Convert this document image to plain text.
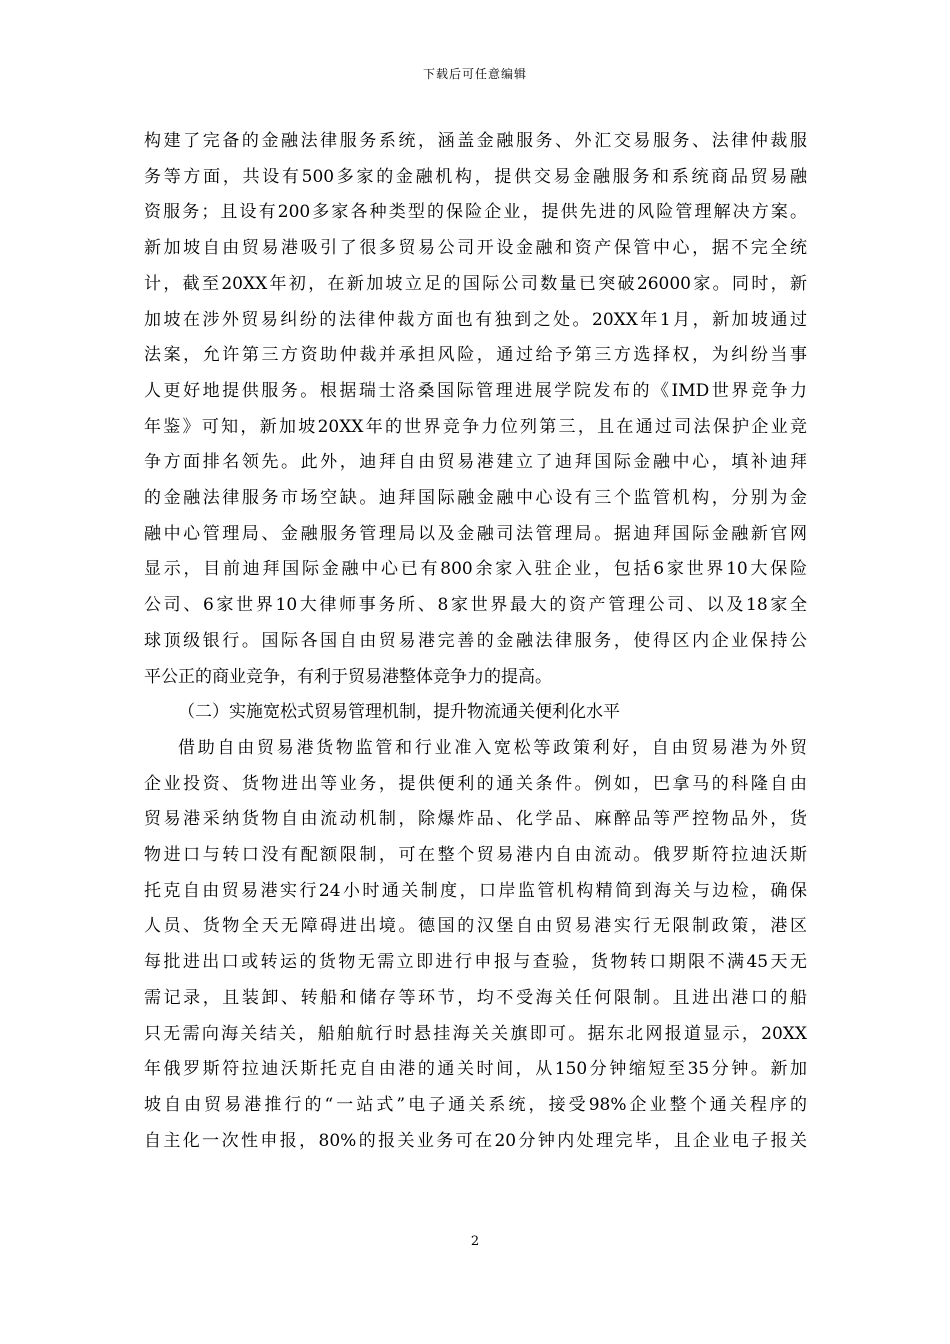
下载后可任意编辑

构建了完备的金融法律服务系统，涵盖金融服务、外汇交易服务、法律仲裁服
务等方面，共设有500多家的金融机构，提供交易金融服务和系统商品贸易融
资服务；且设有200多家各种类型的保险企业，提供先进的风险管理解决方案。
新加坡自由贸易港吸引了很多贸易公司开设金融和资产保管中心，据不完全统
计，截至20XX年初，在新加坡立足的国际公司数量已突破26000家。同时，新
加坡在涉外贸易纠纷的法律仲裁方面也有独到之处。20XX年1月，新加坡通过
法案，允许第三方资助仲裁并承担风险，通过给予第三方选择权，为纠纷当事
人更好地提供服务。根据瑞士洛桑国际管理进展学院发布的《IMD世界竞争力
年鉴》可知，新加坡20XX年的世界竞争力位列第三，且在通过司法保护企业竞
争方面排名领先。此外，迪拜自由贸易港建立了迪拜国际金融中心，填补迪拜
的金融法律服务市场空缺。迪拜国际融金融中心设有三个监管机构，分别为金
融中心管理局、金融服务管理局以及金融司法管理局。据迪拜国际金融新官网
显示，目前迪拜国际金融中心已有800余家入驻企业，包括6家世界10大保险
公司、6家世界10大律师事务所、8家世界最大的资产管理公司、以及18家全
球顶级银行。国际各国自由贸易港完善的金融法律服务，使得区内企业保持公
平公正的商业竞争，有利于贸易港整体竞争力的提高。

（二）实施宽松式贸易管理机制，提升物流通关便利化水平

借助自由贸易港货物监管和行业准入宽松等政策利好，自由贸易港为外贸
企业投资、货物进出等业务，提供便利的通关条件。例如，巴拿马的科隆自由
贸易港采纳货物自由流动机制，除爆炸品、化学品、麻醉品等严控物品外，货
物进口与转口没有配额限制，可在整个贸易港内自由流动。俄罗斯符拉迪沃斯
托克自由贸易港实行24小时通关制度，口岸监管机构精简到海关与边检，确保
人员、货物全天无障碍进出境。德国的汉堡自由贸易港实行无限制政策，港区
每批进出口或转运的货物无需立即进行申报与查验，货物转口期限不满45天无
需记录，且装卸、转船和储存等环节，均不受海关任何限制。且进出港口的船
只无需向海关结关，船舶航行时悬挂海关关旗即可。据东北网报道显示，20XX
年俄罗斯符拉迪沃斯托克自由港的通关时间，从150分钟缩短至35分钟。新加
坡自由贸易港推行的“一站式”电子通关系统，接受98%企业整个通关程序的
自主化一次性申报，80%的报关业务可在20分钟内处理完毕，且企业电子报关

2
